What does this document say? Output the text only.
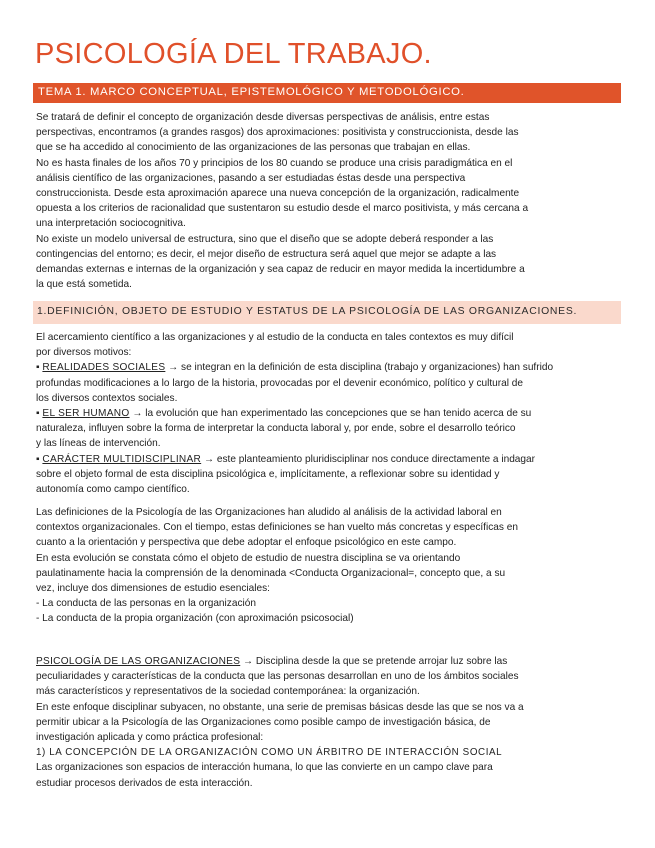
PSICOLOGÍA DEL TRABAJO.
TEMA 1. MARCO CONCEPTUAL, EPISTEMOLÓGICO Y METODOLÓGICO.
Se tratará de definir el concepto de organización desde diversas perspectivas de análisis, entre estas
perspectivas, encontramos (a grandes rasgos) dos aproximaciones: positivista y construccionista, desde las
que se ha accedido al conocimiento de las organizaciones de las personas que trabajan en ellas.
No es hasta finales de los años 70 y principios de los 80 cuando se produce una crisis paradigmática en el
análisis científico de las organizaciones, pasando a ser estudiadas éstas desde una perspectiva
construccionista. Desde esta aproximación aparece una nueva concepción de la organización, radicalmente
opuesta a los criterios de racionalidad que sustentaron su estudio desde el marco positivista, y más cercana a
una interpretación sociocognitiva.
No existe un modelo universal de estructura, sino que el diseño que se adopte deberá responder a las
contingencias del entorno; es decir, el mejor diseño de estructura será aquel que mejor se adapte a las
demandas externas e internas de la organización y sea capaz de reducir en mayor medida la incertidumbre a
la que está sometida.
1.DEFINICIÓN, OBJETO DE ESTUDIO Y ESTATUS DE LA PSICOLOGÍA DE LAS ORGANIZACIONES.
El acercamiento científico a las organizaciones y al estudio de la conducta en tales contextos es muy difícil
por diversos motivos:
▪ REALIDADES SOCIALES → se integran en la definición de esta disciplina (trabajo y organizaciones) han sufrido
profundas modificaciones a lo largo de la historia, provocadas por el devenir económico, político y cultural de
los diversos contextos sociales.
▪ EL SER HUMANO → la evolución que han experimentado las concepciones que se han tenido acerca de su
naturaleza, influyen sobre la forma de interpretar la conducta laboral y, por ende, sobre el desarrollo teórico
y las líneas de intervención.
▪ CARÁCTER MULTIDISCIPLINAR → este planteamiento pluridisciplinar nos conduce directamente a indagar
sobre el objeto formal de esta disciplina psicológica e, implícitamente, a reflexionar sobre su identidad y
autonomía como campo científico.
Las definiciones de la Psicología de las Organizaciones han aludido al análisis de la actividad laboral en
contextos organizacionales. Con el tiempo, estas definiciones se han vuelto más concretas y específicas en
cuanto a la orientación y perspectiva que debe adoptar el enfoque psicológico en este campo.
En esta evolución se constata cómo el objeto de estudio de nuestra disciplina se va orientando
paulatinamente hacia la comprensión de la denominada <Conducta Organizacional=, concepto que, a su
vez, incluye dos dimensiones de estudio esenciales:
- La conducta de las personas en la organización
- La conducta de la propia organización (con aproximación psicosocial)
PSICOLOGÍA DE LAS ORGANIZACIONES → Disciplina desde la que se pretende arrojar luz sobre las
peculiaridades y características de la conducta que las personas desarrollan en uno de los ámbitos sociales
más característicos y representativos de la sociedad contemporánea: la organización.
En este enfoque disciplinar subyacen, no obstante, una serie de premisas básicas desde las que se nos va a
permitir ubicar a la Psicología de las Organizaciones como posible campo de investigación básica, de
investigación aplicada y como práctica profesional:
1) LA CONCEPCIÓN DE LA ORGANIZACIÓN COMO UN ÁRBITRO DE INTERACCIÓN SOCIAL
Las organizaciones son espacios de interacción humana, lo que las convierte en un campo clave para
estudiar procesos derivados de esta interacción.
